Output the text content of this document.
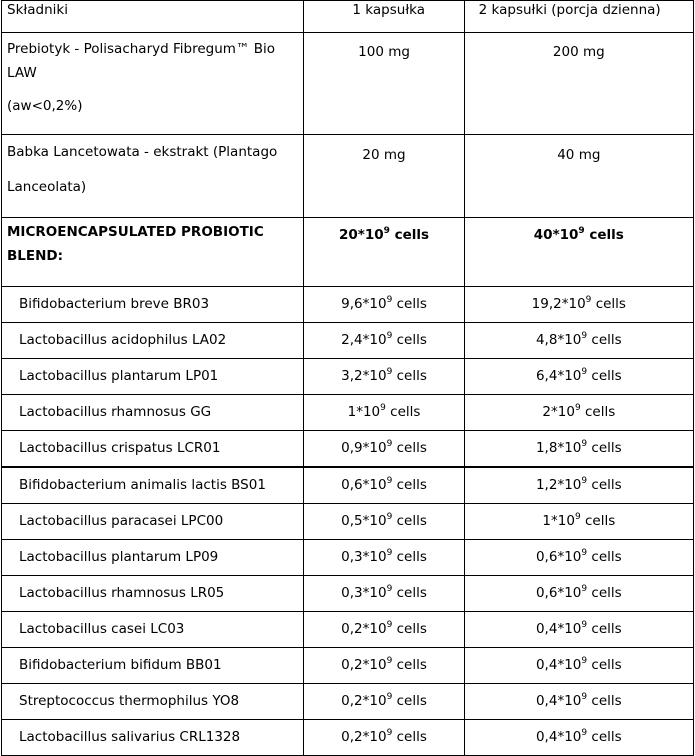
Składniki	1 kapsułka	2 kapsułki (porcja dzienna)
Prebiotyk - Polisacharyd Fibregum™ Bio LAW
(aw<0,2%)	100 mg	200 mg
Babka Lancetowata - ekstrakt (Plantago Lanceolata)	20 mg	40 mg
MICROENCAPSULATED PROBIOTIC BLEND:	$20*10^9$ cells	$40*10^9$ cells
Bifidobacterium breve BR03	$9,6*10^9$ cells	$19,2*10^9$ cells
Lactobacillus acidophilus LA02	$2,4*10^9$ cells	$4,8*10^9$ cells
Lactobacillus plantarum LP01	$3,2*10^9$ cells	$6,4*10^9$ cells
Lactobacillus rhamnosus GG	$1*10^9$ cells	$2*10^9$ cells
Lactobacillus crispatus LCR01	$0,9*10^9$ cells	$1,8*10^9$ cells
Bifidobacterium animalis lactis BS01	$0,6*10^9$ cells	$1,2*10^9$ cells
Lactobacillus paracasei LPC00	$0,5*10^9$ cells	$1*10^9$ cells
Lactobacillus plantarum LP09	$0,3*10^9$ cells	$0,6*10^9$ cells
Lactobacillus rhamnosus LR05	$0,3*10^9$ cells	$0,6*10^9$ cells
Lactobacillus casei LC03	$0,2*10^9$ cells	$0,4*10^9$ cells
Bifidobacterium bifidum BB01	$0,2*10^9$ cells	$0,4*10^9$ cells
Streptococcus thermophilus YO8	$0,2*10^9$ cells	$0,4*10^9$ cells
Lactobacillus salivarius CRL1328	$0,2*10^9$ cells	$0,4*10^9$ cells
